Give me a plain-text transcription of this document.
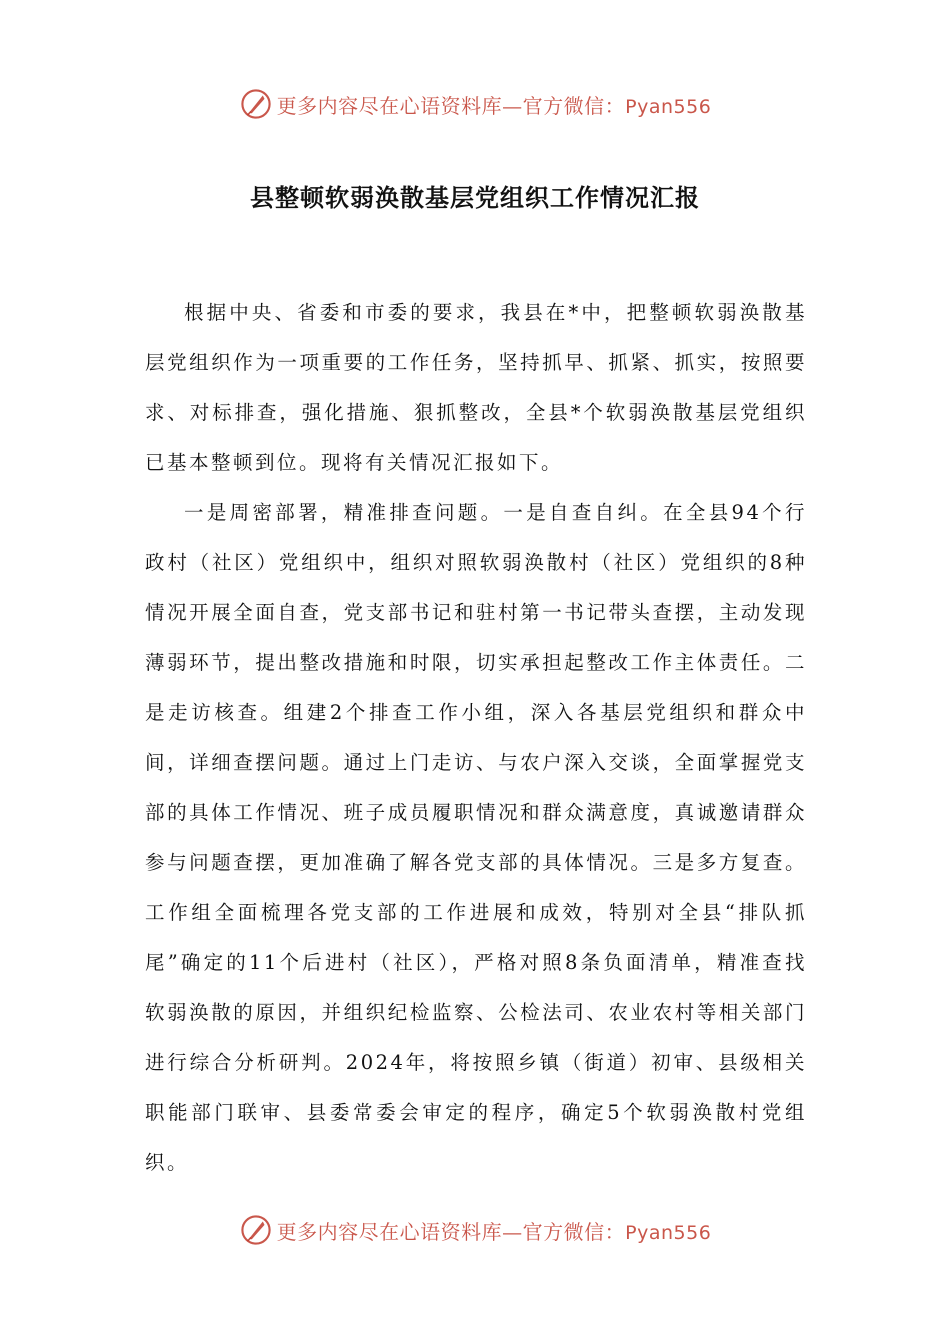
更多内容尽在心语资料库—官方微信：Pyan556
县整顿软弱涣散基层党组织工作情况汇报

根据中央、省委和市委的要求，我县在*中，把整顿软弱涣散基层党组织作为一项重要的工作任务，坚持抓早、抓紧、抓实，按照要求、对标排查，强化措施、狠抓整改，全县*个软弱涣散基层党组织已基本整顿到位。现将有关情况汇报如下。

一是周密部署，精准排查问题。一是自查自纠。在全县94个行政村（社区）党组织中，组织对照软弱涣散村（社区）党组织的8种情况开展全面自查，党支部书记和驻村第一书记带头查摆，主动发现薄弱环节，提出整改措施和时限，切实承担起整改工作主体责任。二是走访核查。组建2个排查工作小组，深入各基层党组织和群众中间，详细查摆问题。通过上门走访、与农户深入交谈，全面掌握党支部的具体工作情况、班子成员履职情况和群众满意度，真诚邀请群众参与问题查摆，更加准确了解各党支部的具体情况。三是多方复查。工作组全面梳理各党支部的工作进展和成效，特别对全县“排队抓尾”确定的11个后进村（社区），严格对照8条负面清单，精准查找软弱涣散的原因，并组织纪检监察、公检法司、农业农村等相关部门进行综合分析研判。2024年，将按照乡镇（街道）初审、县级相关职能部门联审、县委常委会审定的程序，确定5个软弱涣散村党组织。

更多内容尽在心语资料库—官方微信：Pyan556
